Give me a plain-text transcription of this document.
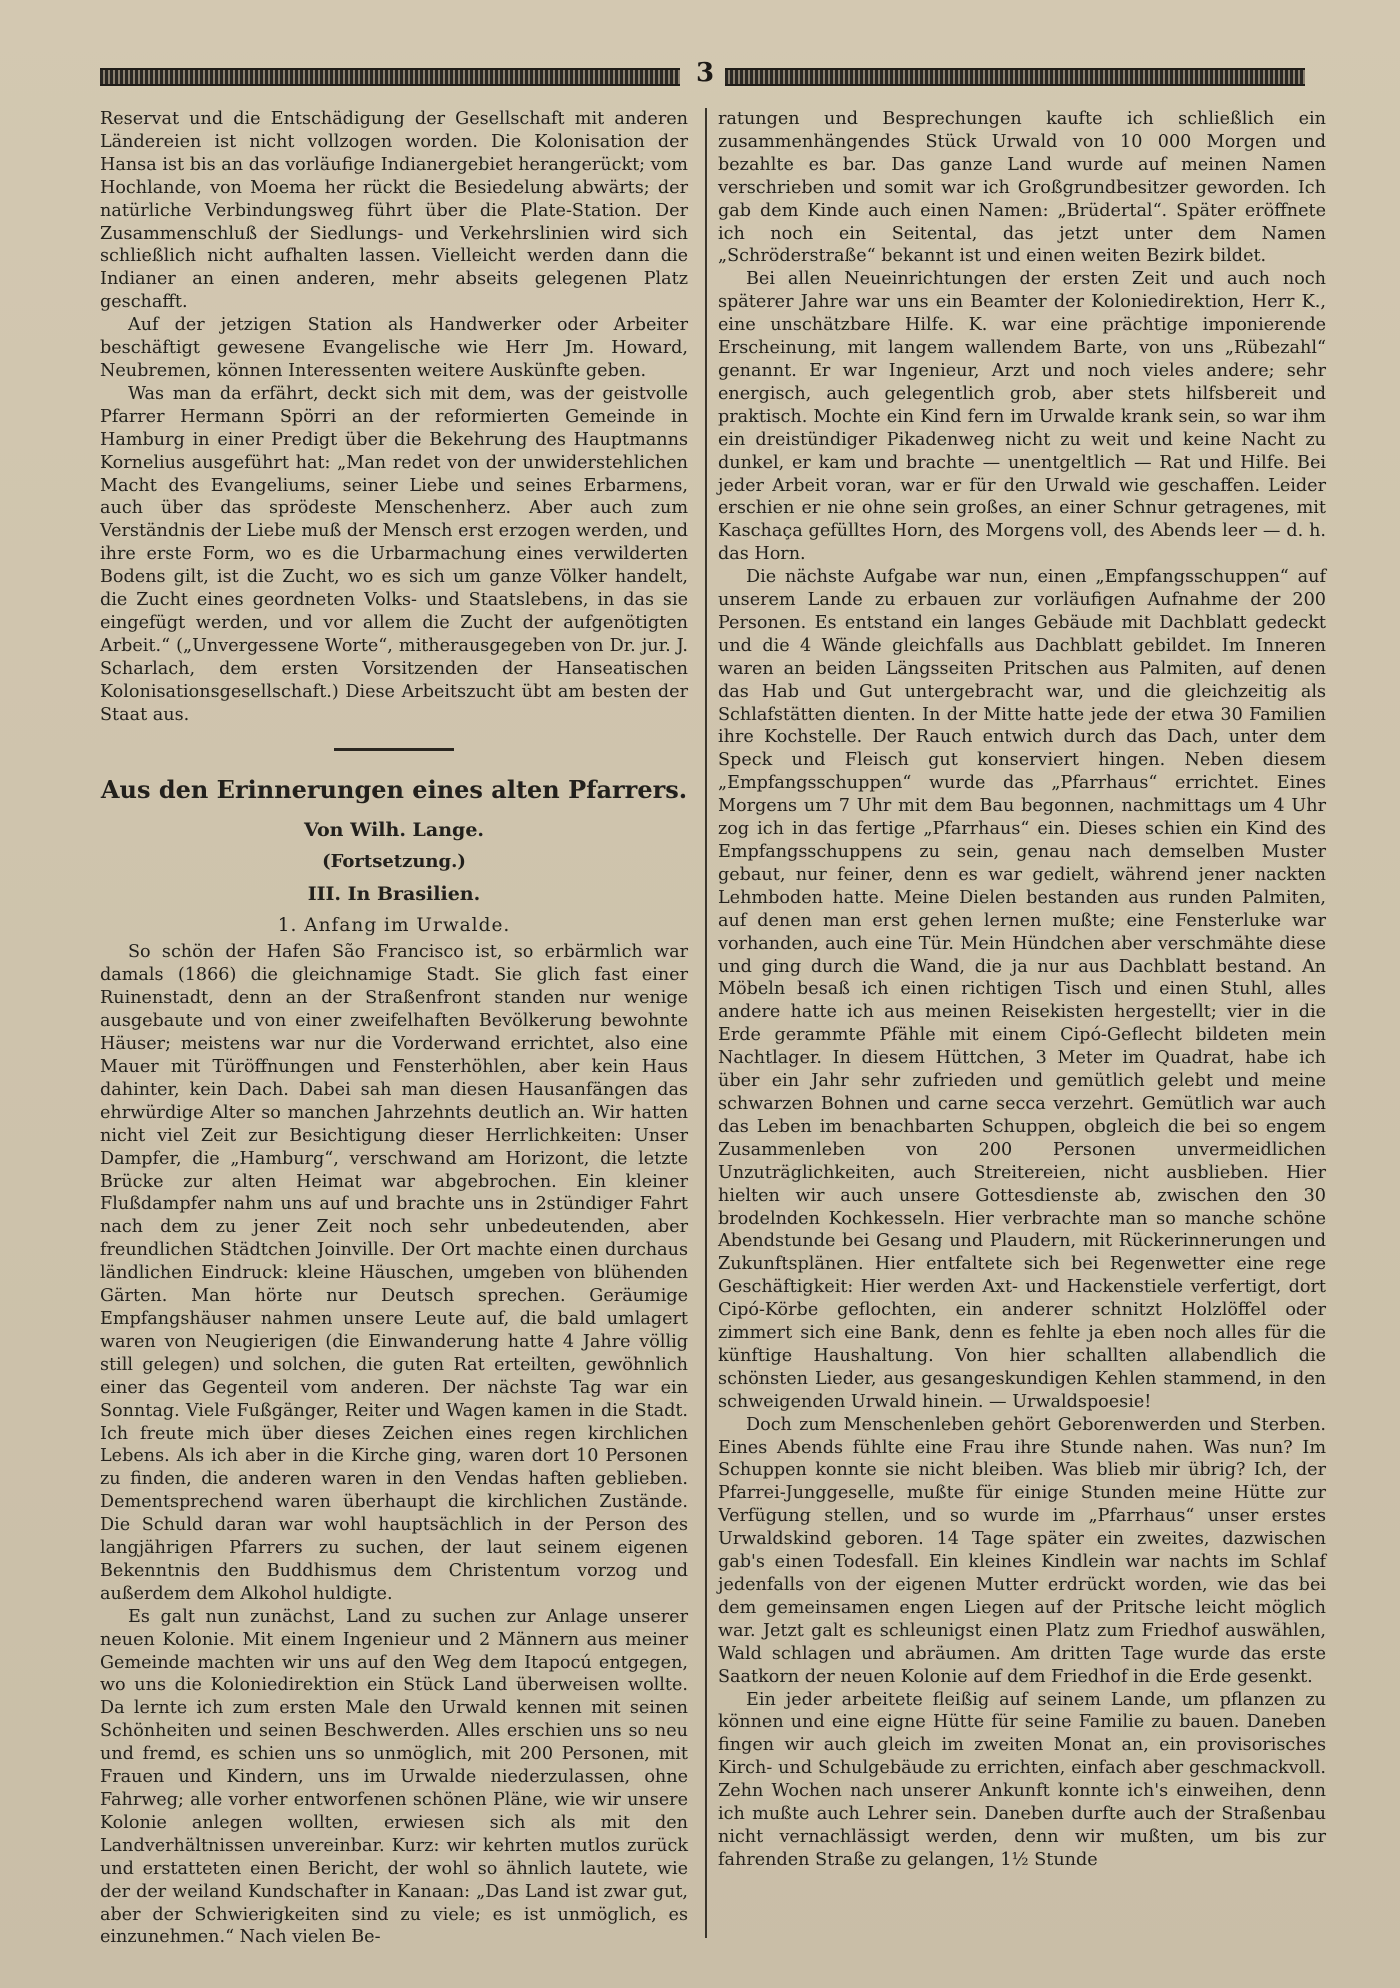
3

Reservat und die Entschädigung der Gesellschaft mit anderen Ländereien ist nicht vollzogen worden. Die Kolonisation der Hansa ist bis an das vorläufige Indianergebiet herangerückt; vom Hochlande, von Moema her rückt die Besiedelung abwärts; der natürliche Verbindungsweg führt über die Plate-Station. Der Zusammenschluß der Siedlungs- und Verkehrslinien wird sich schließlich nicht aufhalten lassen. Vielleicht werden dann die Indianer an einen anderen, mehr abseits gelegenen Platz geschafft.

Auf der jetzigen Station als Handwerker oder Arbeiter beschäftigt gewesene Evangelische wie Herr Jm. Howard, Neubremen, können Interessenten weitere Auskünfte geben.

Was man da erfährt, deckt sich mit dem, was der geistvolle Pfarrer Hermann Spörri an der reformierten Gemeinde in Hamburg in einer Predigt über die Bekehrung des Hauptmanns Kornelius ausgeführt hat: „Man redet von der unwiderstehlichen Macht des Evangeliums, seiner Liebe und seines Erbarmens, auch über das sprödeste Menschenherz. Aber auch zum Verständnis der Liebe muß der Mensch erst erzogen werden, und ihre erste Form, wo es die Urbarmachung eines verwilderten Bodens gilt, ist die Zucht, wo es sich um ganze Völker handelt, die Zucht eines geordneten Volks- und Staatslebens, in das sie eingefügt werden, und vor allem die Zucht der aufgenötigten Arbeit.“ („Unvergessene Worte“, mitherausgegeben von Dr. jur. J. Scharlach, dem ersten Vorsitzenden der Hanseatischen Kolonisationsgesellschaft.) Diese Arbeitszucht übt am besten der Staat aus.

Aus den Erinnerungen eines alten Pfarrers.
Von Wilh. Lange.
(Fortsetzung.)
III. In Brasilien.
1. Anfang im Urwalde.

So schön der Hafen São Francisco ist, so erbärmlich war damals (1866) die gleichnamige Stadt. Sie glich fast einer Ruinenstadt, denn an der Straßenfront standen nur wenige ausgebaute und von einer zweifelhaften Bevölkerung bewohnte Häuser; meistens war nur die Vorderwand errichtet, also eine Mauer mit Türöffnungen und Fensterhöhlen, aber kein Haus dahinter, kein Dach. Dabei sah man diesen Hausanfängen das ehrwürdige Alter so manchen Jahrzehnts deutlich an. Wir hatten nicht viel Zeit zur Besichtigung dieser Herrlichkeiten: Unser Dampfer, die „Hamburg“, verschwand am Horizont, die letzte Brücke zur alten Heimat war abgebrochen. Ein kleiner Flußdampfer nahm uns auf und brachte uns in 2stündiger Fahrt nach dem zu jener Zeit noch sehr unbedeutenden, aber freundlichen Städtchen Joinville. Der Ort machte einen durchaus ländlichen Eindruck: kleine Häuschen, umgeben von blühenden Gärten. Man hörte nur Deutsch sprechen. Geräumige Empfangshäuser nahmen unsere Leute auf, die bald umlagert waren von Neugierigen (die Einwanderung hatte 4 Jahre völlig still gelegen) und solchen, die guten Rat erteilten, gewöhnlich einer das Gegenteil vom anderen. Der nächste Tag war ein Sonntag. Viele Fußgänger, Reiter und Wagen kamen in die Stadt. Ich freute mich über dieses Zeichen eines regen kirchlichen Lebens. Als ich aber in die Kirche ging, waren dort 10 Personen zu finden, die anderen waren in den Vendas haften geblieben. Dementsprechend waren überhaupt die kirchlichen Zustände. Die Schuld daran war wohl hauptsächlich in der Person des langjährigen Pfarrers zu suchen, der laut seinem eigenen Bekenntnis den Buddhismus dem Christentum vorzog und außerdem dem Alkohol huldigte.

Es galt nun zunächst, Land zu suchen zur Anlage unserer neuen Kolonie. Mit einem Ingenieur und 2 Männern aus meiner Gemeinde machten wir uns auf den Weg dem Itapocú entgegen, wo uns die Koloniedirektion ein Stück Land überweisen wollte. Da lernte ich zum ersten Male den Urwald kennen mit seinen Schönheiten und seinen Beschwerden. Alles erschien uns so neu und fremd, es schien uns so unmöglich, mit 200 Personen, mit Frauen und Kindern, uns im Urwalde niederzulassen, ohne Fahrweg; alle vorher entworfenen schönen Pläne, wie wir unsere Kolonie anlegen wollten, erwiesen sich als mit den Landverhältnissen unvereinbar. Kurz: wir kehrten mutlos zurück und erstatteten einen Bericht, der wohl so ähnlich lautete, wie der der weiland Kundschafter in Kanaan: „Das Land ist zwar gut, aber der Schwierigkeiten sind zu viele; es ist unmöglich, es einzunehmen.“ Nach vielen Be-

ratungen und Besprechungen kaufte ich schließlich ein zusammenhängendes Stück Urwald von 10 000 Morgen und bezahlte es bar. Das ganze Land wurde auf meinen Namen verschrieben und somit war ich Großgrundbesitzer geworden. Ich gab dem Kinde auch einen Namen: „Brüdertal“. Später eröffnete ich noch ein Seitental, das jetzt unter dem Namen „Schröderstraße“ bekannt ist und einen weiten Bezirk bildet.

Bei allen Neueinrichtungen der ersten Zeit und auch noch späterer Jahre war uns ein Beamter der Koloniedirektion, Herr K., eine unschätzbare Hilfe. K. war eine prächtige imponierende Erscheinung, mit langem wallendem Barte, von uns „Rübezahl“ genannt. Er war Ingenieur, Arzt und noch vieles andere; sehr energisch, auch gelegentlich grob, aber stets hilfsbereit und praktisch. Mochte ein Kind fern im Urwalde krank sein, so war ihm ein dreistündiger Pikadenweg nicht zu weit und keine Nacht zu dunkel, er kam und brachte — unentgeltlich — Rat und Hilfe. Bei jeder Arbeit voran, war er für den Urwald wie geschaffen. Leider erschien er nie ohne sein großes, an einer Schnur getragenes, mit Kaschaça gefülltes Horn, des Morgens voll, des Abends leer — d. h. das Horn.

Die nächste Aufgabe war nun, einen „Empfangsschuppen“ auf unserem Lande zu erbauen zur vorläufigen Aufnahme der 200 Personen. Es entstand ein langes Gebäude mit Dachblatt gedeckt und die 4 Wände gleichfalls aus Dachblatt gebildet. Im Inneren waren an beiden Längsseiten Pritschen aus Palmiten, auf denen das Hab und Gut untergebracht war, und die gleichzeitig als Schlafstätten dienten. In der Mitte hatte jede der etwa 30 Familien ihre Kochstelle. Der Rauch entwich durch das Dach, unter dem Speck und Fleisch gut konserviert hingen. Neben diesem „Empfangsschuppen“ wurde das „Pfarrhaus“ errichtet. Eines Morgens um 7 Uhr mit dem Bau begonnen, nachmittags um 4 Uhr zog ich in das fertige „Pfarrhaus“ ein. Dieses schien ein Kind des Empfangsschuppens zu sein, genau nach demselben Muster gebaut, nur feiner, denn es war gedielt, während jener nackten Lehmboden hatte. Meine Dielen bestanden aus runden Palmiten, auf denen man erst gehen lernen mußte; eine Fensterluke war vorhanden, auch eine Tür. Mein Hündchen aber verschmähte diese und ging durch die Wand, die ja nur aus Dachblatt bestand. An Möbeln besaß ich einen richtigen Tisch und einen Stuhl, alles andere hatte ich aus meinen Reisekisten hergestellt; vier in die Erde gerammte Pfähle mit einem Cipó-Geflecht bildeten mein Nachtlager. In diesem Hüttchen, 3 Meter im Quadrat, habe ich über ein Jahr sehr zufrieden und gemütlich gelebt und meine schwarzen Bohnen und carne secca verzehrt. Gemütlich war auch das Leben im benachbarten Schuppen, obgleich die bei so engem Zusammenleben von 200 Personen unvermeidlichen Unzuträglichkeiten, auch Streitereien, nicht ausblieben. Hier hielten wir auch unsere Gottesdienste ab, zwischen den 30 brodelnden Kochkesseln. Hier verbrachte man so manche schöne Abendstunde bei Gesang und Plaudern, mit Rückerinnerungen und Zukunftsplänen. Hier entfaltete sich bei Regenwetter eine rege Geschäftigkeit: Hier werden Axt- und Hackenstiele verfertigt, dort Cipó-Körbe geflochten, ein anderer schnitzt Holzlöffel oder zimmert sich eine Bank, denn es fehlte ja eben noch alles für die künftige Haushaltung. Von hier schallten allabendlich die schönsten Lieder, aus gesangeskundigen Kehlen stammend, in den schweigenden Urwald hinein. — Urwaldspoesie!

Doch zum Menschenleben gehört Geborenwerden und Sterben. Eines Abends fühlte eine Frau ihre Stunde nahen. Was nun? Im Schuppen konnte sie nicht bleiben. Was blieb mir übrig? Ich, der Pfarrei-Junggeselle, mußte für einige Stunden meine Hütte zur Verfügung stellen, und so wurde im „Pfarrhaus“ unser erstes Urwaldskind geboren. 14 Tage später ein zweites, dazwischen gab's einen Todesfall. Ein kleines Kindlein war nachts im Schlaf jedenfalls von der eigenen Mutter erdrückt worden, wie das bei dem gemeinsamen engen Liegen auf der Pritsche leicht möglich war. Jetzt galt es schleunigst einen Platz zum Friedhof auswählen, Wald schlagen und abräumen. Am dritten Tage wurde das erste Saatkorn der neuen Kolonie auf dem Friedhof in die Erde gesenkt.

Ein jeder arbeitete fleißig auf seinem Lande, um pflanzen zu können und eine eigne Hütte für seine Familie zu bauen. Daneben fingen wir auch gleich im zweiten Monat an, ein provisorisches Kirch- und Schulgebäude zu errichten, einfach aber geschmackvoll. Zehn Wochen nach unserer Ankunft konnte ich's einweihen, denn ich mußte auch Lehrer sein. Daneben durfte auch der Straßenbau nicht vernachlässigt werden, denn wir mußten, um bis zur fahrenden Straße zu gelangen, 1½ Stunde
